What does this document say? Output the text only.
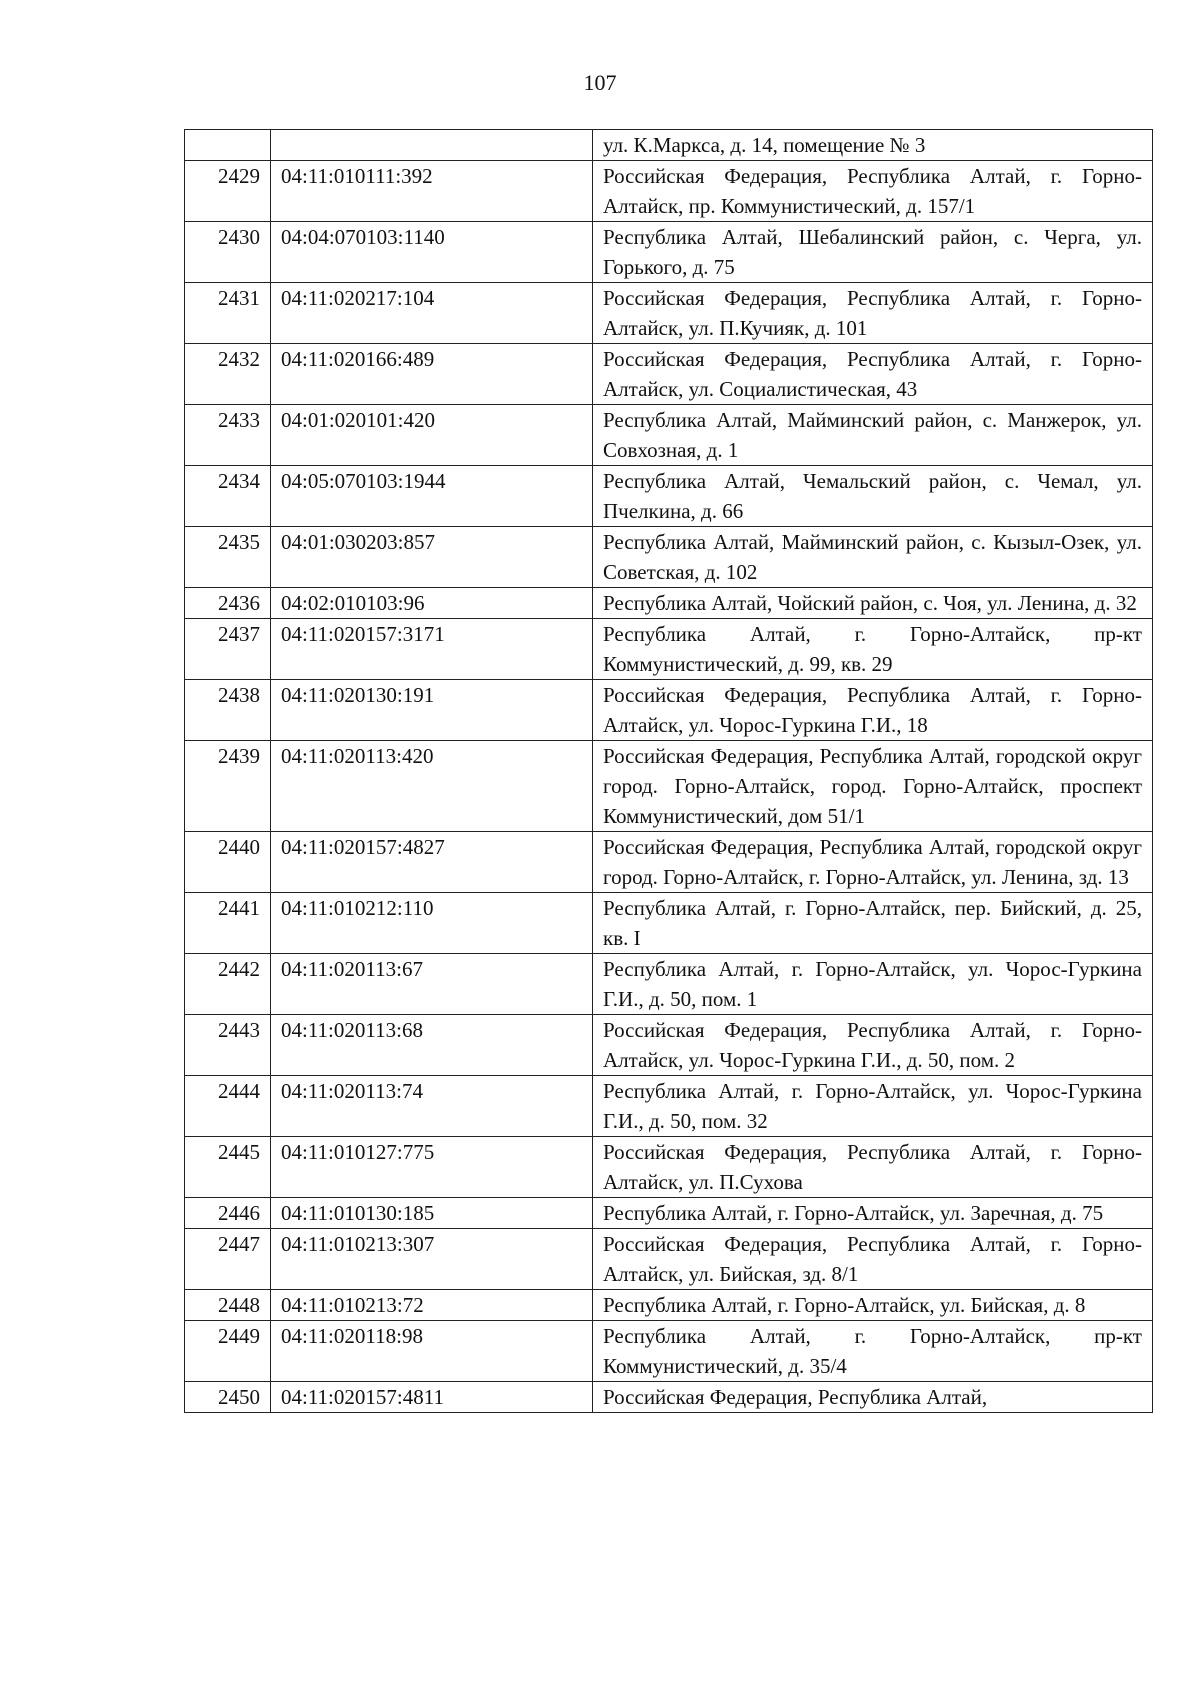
107
		ул. К.Маркса, д. 14, помещение № 3
2429	04:11:010111:392	Российская Федерация, Республика Алтай, г. Горно-Алтайск, пр. Коммунистический, д. 157/1
2430	04:04:070103:1140	Республика Алтай, Шебалинский район, с. Черга, ул. Горького, д. 75
2431	04:11:020217:104	Российская Федерация, Республика Алтай, г. Горно-Алтайск, ул. П.Кучияк, д. 101
2432	04:11:020166:489	Российская Федерация, Республика Алтай, г. Горно-Алтайск, ул. Социалистическая, 43
2433	04:01:020101:420	Республика Алтай, Майминский район, с. Манжерок, ул. Совхозная, д. 1
2434	04:05:070103:1944	Республика Алтай, Чемальский район, с. Чемал, ул. Пчелкина, д. 66
2435	04:01:030203:857	Республика Алтай, Майминский район, с. Кызыл-Озек, ул. Советская, д. 102
2436	04:02:010103:96	Республика Алтай, Чойский район, с. Чоя, ул. Ленина, д. 32
2437	04:11:020157:3171	Республика Алтай, г. Горно-Алтайск, пр-кт Коммунистический, д. 99, кв. 29
2438	04:11:020130:191	Российская Федерация, Республика Алтай, г. Горно-Алтайск, ул. Чорос-Гуркина Г.И., 18
2439	04:11:020113:420	Российская Федерация, Республика Алтай, городской округ город. Горно-Алтайск, город. Горно-Алтайск, проспект Коммунистический, дом 51/1
2440	04:11:020157:4827	Российская Федерация, Республика Алтай, городской округ город. Горно-Алтайск, г. Горно-Алтайск, ул. Ленина, зд. 13
2441	04:11:010212:110	Республика Алтай, г. Горно-Алтайск, пер. Бийский, д. 25, кв. I
2442	04:11:020113:67	Республика Алтай, г. Горно-Алтайск, ул. Чорос-Гуркина Г.И., д. 50, пом. 1
2443	04:11:020113:68	Российская Федерация, Республика Алтай, г. Горно-Алтайск, ул. Чорос-Гуркина Г.И., д. 50, пом. 2
2444	04:11:020113:74	Республика Алтай, г. Горно-Алтайск, ул. Чорос-Гуркина Г.И., д. 50, пом. 32
2445	04:11:010127:775	Российская Федерация, Республика Алтай, г. Горно-Алтайск, ул. П.Сухова
2446	04:11:010130:185	Республика Алтай, г. Горно-Алтайск, ул. Заречная, д. 75
2447	04:11:010213:307	Российская Федерация, Республика Алтай, г. Горно-Алтайск, ул. Бийская, зд. 8/1
2448	04:11:010213:72	Республика Алтай, г. Горно-Алтайск, ул. Бийская, д. 8
2449	04:11:020118:98	Республика Алтай, г. Горно-Алтайск, пр-кт Коммунистический, д. 35/4
2450	04:11:020157:4811	Российская Федерация, Республика Алтай,
